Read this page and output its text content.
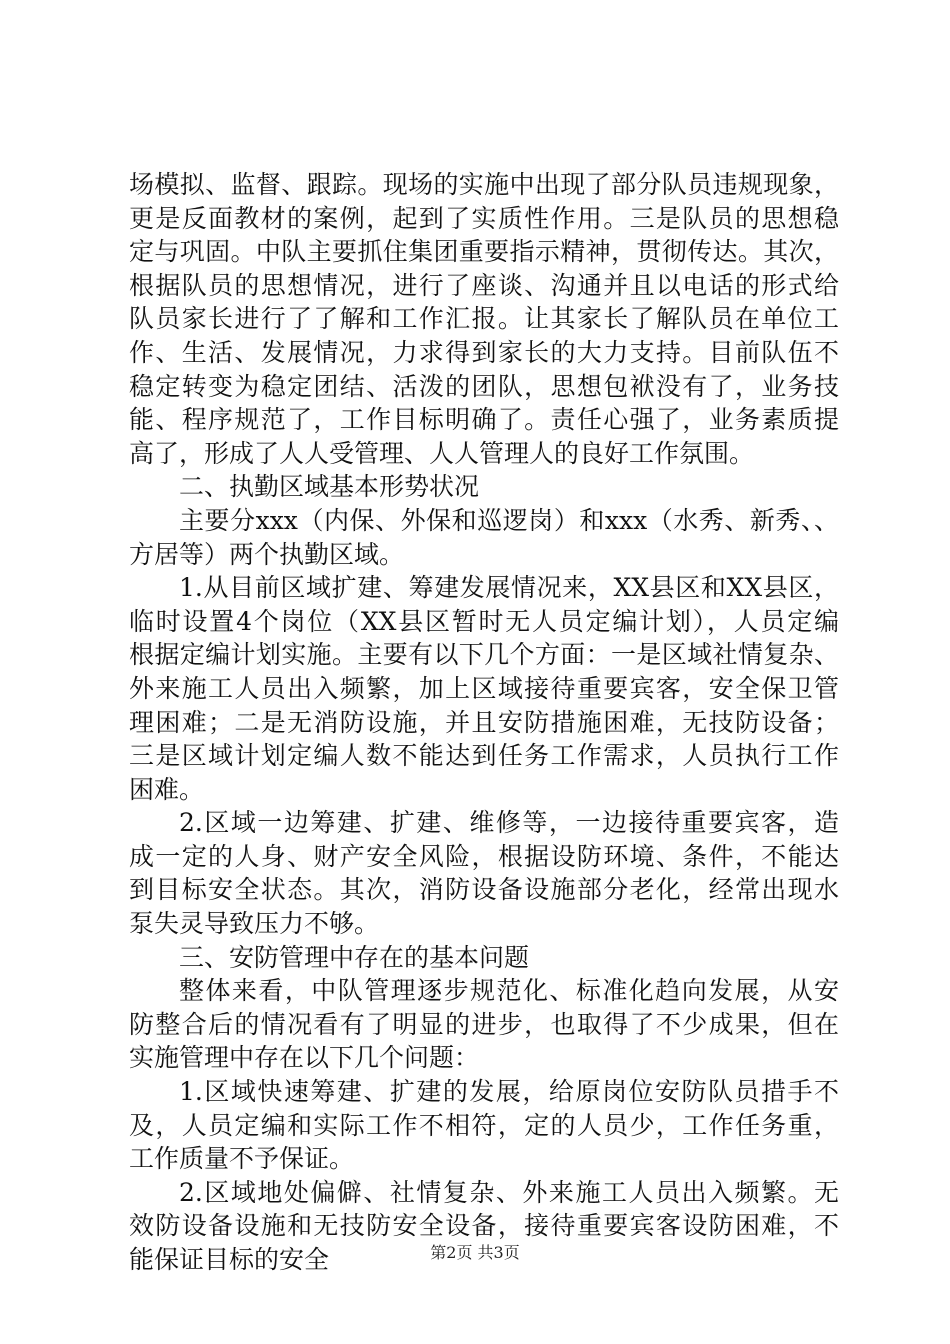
场模拟、监督、跟踪。现场的实施中出现了部分队员违规现象，
更是反面教材的案例，起到了实质性作用。三是队员的思想稳
定与巩固。中队主要抓住集团重要指示精神，贯彻传达。其次，
根据队员的思想情况，进行了座谈、沟通并且以电话的形式给
队员家长进行了了解和工作汇报。让其家长了解队员在单位工
作、生活、发展情况，力求得到家长的大力支持。目前队伍不
稳定转变为稳定团结、活泼的团队，思想包袱没有了，业务技
能、程序规范了，工作目标明确了。责任心强了，业务素质提
高了，形成了人人受管理、人人管理人的良好工作氛围。
二、执勤区域基本形势状况
主要分xxx（内保、外保和巡逻岗）和xxx（水秀、新秀、、
方居等）两个执勤区域。
1.从目前区域扩建、筹建发展情况来，XX县区和XX县区，
临时设置4个岗位（XX县区暂时无人员定编计划），人员定编
根据定编计划实施。主要有以下几个方面：一是区域社情复杂、
外来施工人员出入频繁，加上区域接待重要宾客，安全保卫管
理困难；二是无消防设施，并且安防措施困难，无技防设备；
三是区域计划定编人数不能达到任务工作需求，人员执行工作
困难。
2.区域一边筹建、扩建、维修等，一边接待重要宾客，造
成一定的人身、财产安全风险，根据设防环境、条件，不能达
到目标安全状态。其次，消防设备设施部分老化，经常出现水
泵失灵导致压力不够。
三、安防管理中存在的基本问题
整体来看，中队管理逐步规范化、标准化趋向发展，从安
防整合后的情况看有了明显的进步，也取得了不少成果，但在
实施管理中存在以下几个问题：
1.区域快速筹建、扩建的发展，给原岗位安防队员措手不
及，人员定编和实际工作不相符，定的人员少，工作任务重，
工作质量不予保证。
2.区域地处偏僻、社情复杂、外来施工人员出入频繁。无
效防设备设施和无技防安全设备，接待重要宾客设防困难，不
能保证目标的安全	第2页 共3页
